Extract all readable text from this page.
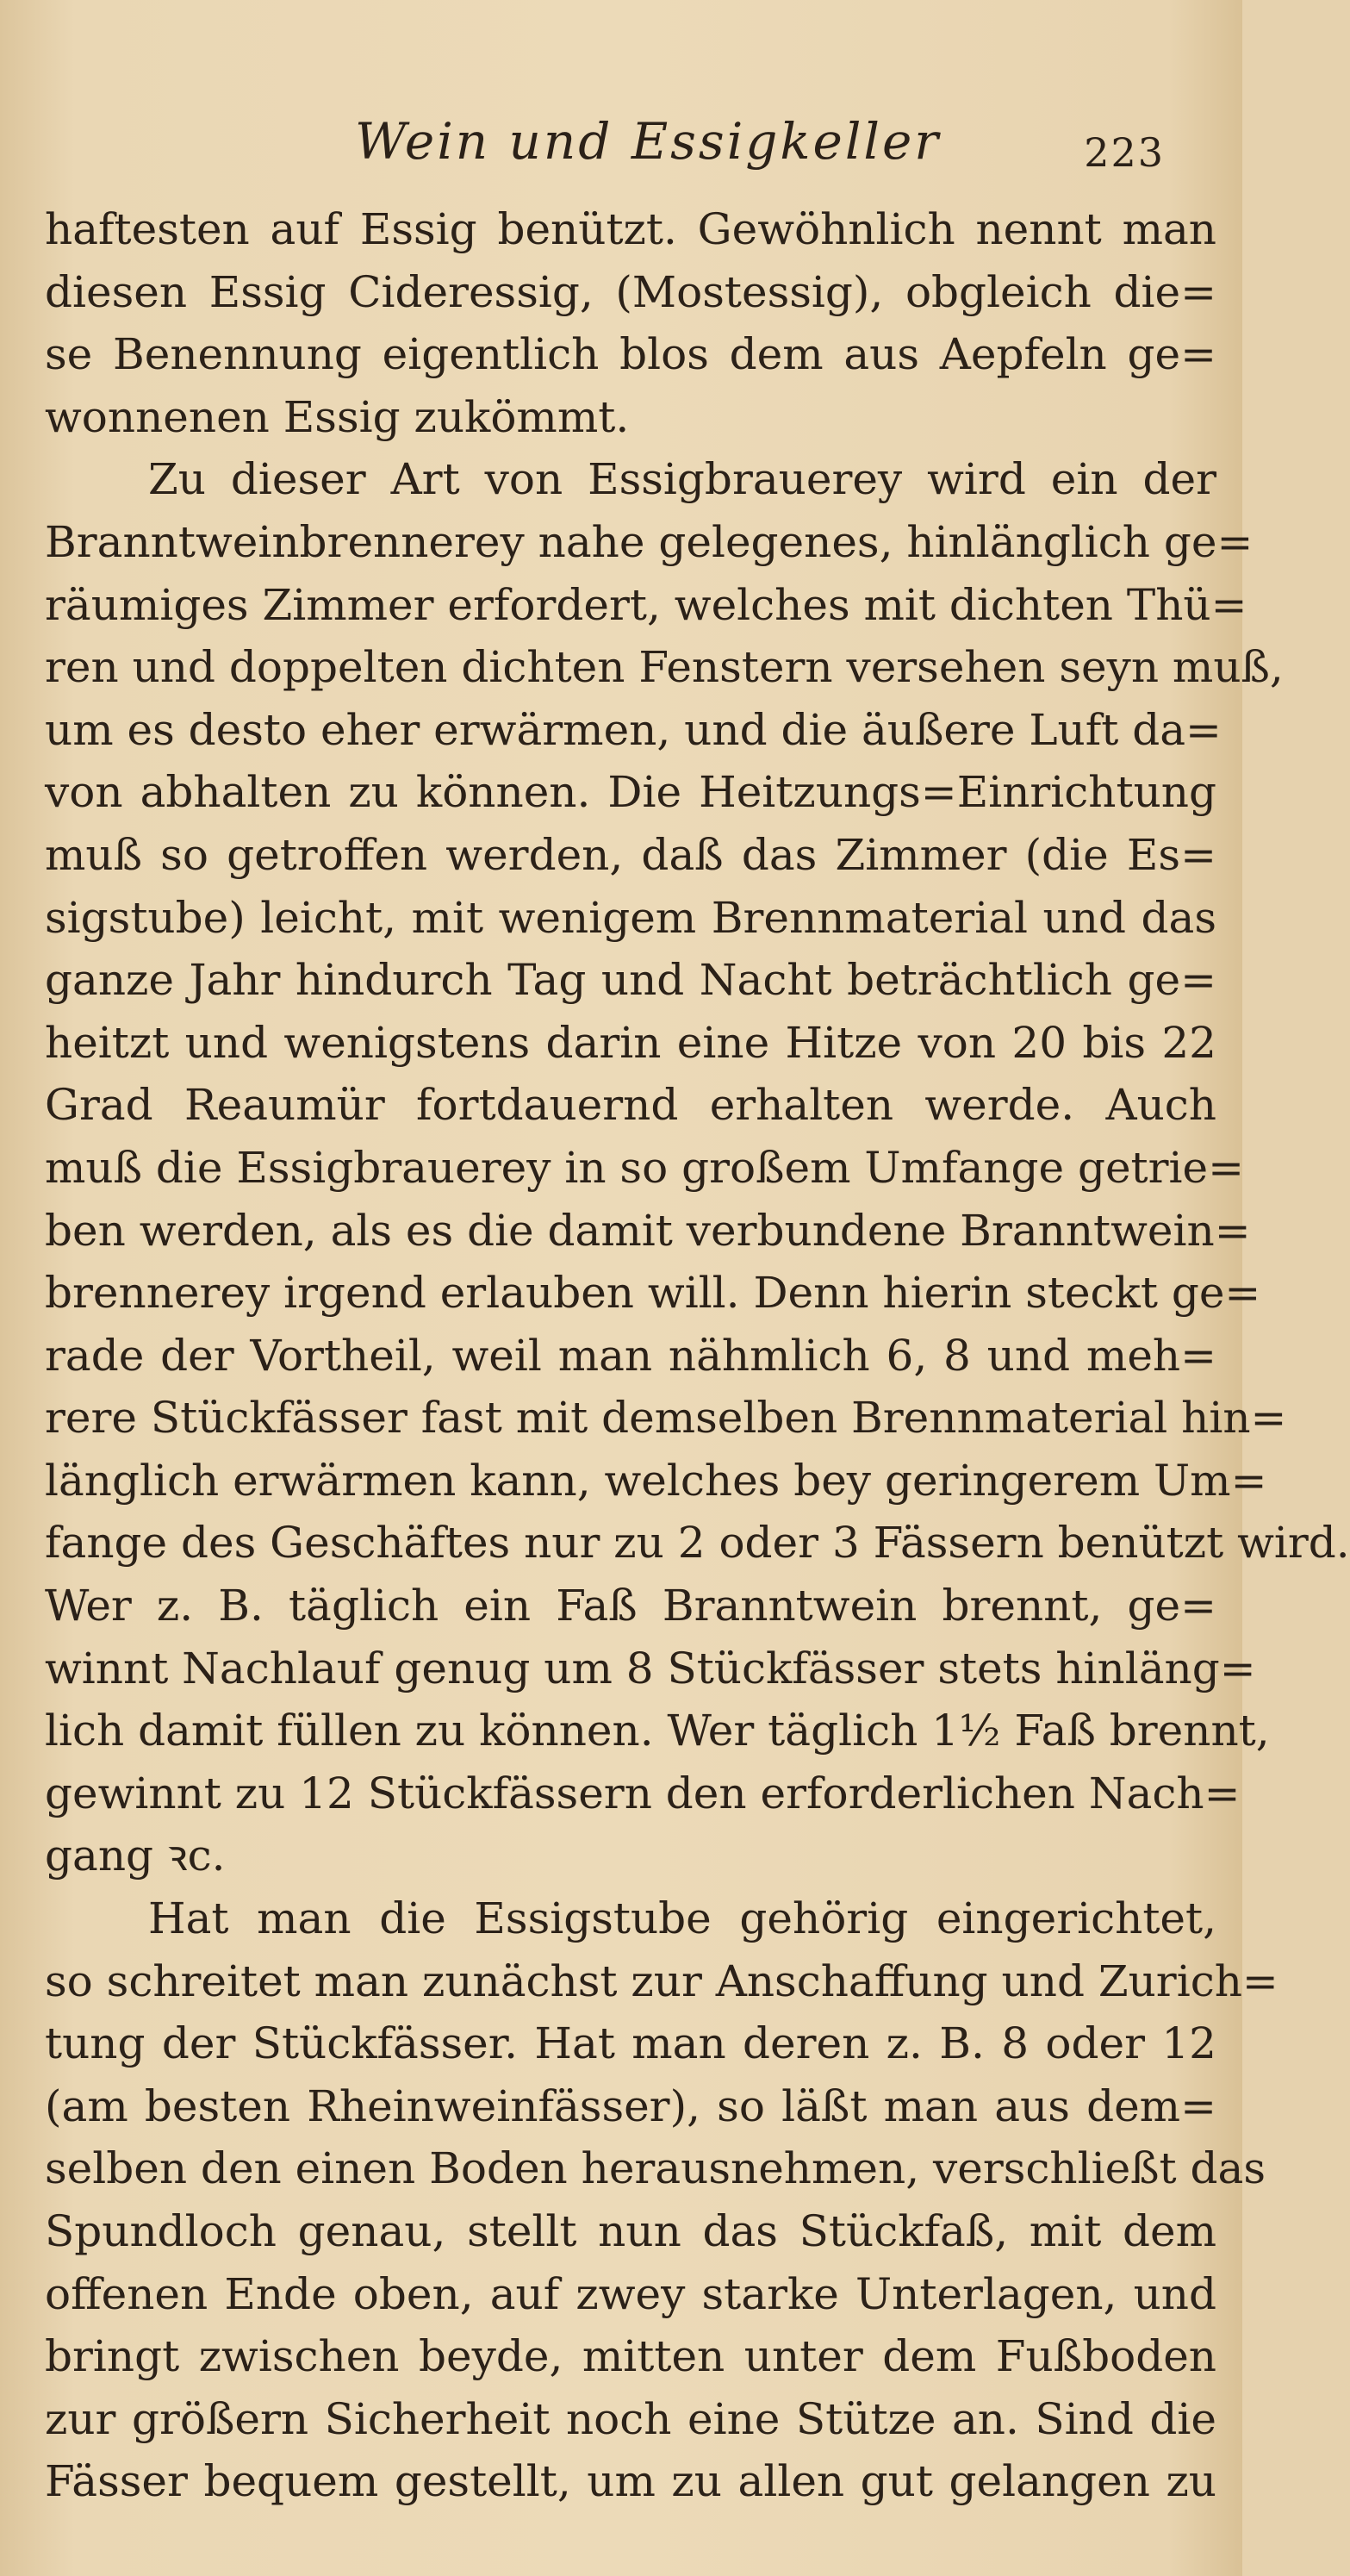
Wein und Essigkeller	223
haftesten auf Essig benützt. Gewöhnlich nennt man
diesen Essig Cideressig, (Mostessig), obgleich die=
se Benennung eigentlich blos dem aus Aepfeln ge=
wonnenen Essig zukömmt.
Zu dieser Art von Essigbrauerey wird ein der
Branntweinbrennerey nahe gelegenes, hinlänglich ge=
räumiges Zimmer erfordert, welches mit dichten Thü=
ren und doppelten dichten Fenstern versehen seyn muß,
um es desto eher erwärmen, und die äußere Luft da=
von abhalten zu können. Die Heitzungs=Einrichtung
muß so getroffen werden, daß das Zimmer (die Es=
sigstube) leicht, mit wenigem Brennmaterial und das
ganze Jahr hindurch Tag und Nacht beträchtlich ge=
heitzt und wenigstens darin eine Hitze von 20 bis 22
Grad Reaumür fortdauernd erhalten werde. Auch
muß die Essigbrauerey in so großem Umfange getrie=
ben werden, als es die damit verbundene Branntwein=
brennerey irgend erlauben will. Denn hierin steckt ge=
rade der Vortheil, weil man nähmlich 6, 8 und meh=
rere Stückfässer fast mit demselben Brennmaterial hin=
länglich erwärmen kann, welches bey geringerem Um=
fange des Geschäftes nur zu 2 oder 3 Fässern benützt wird.
Wer z. B. täglich ein Faß Branntwein brennt, ge=
winnt Nachlauf genug um 8 Stückfässer stets hinläng=
lich damit füllen zu können. Wer täglich 1½ Faß brennt,
gewinnt zu 12 Stückfässern den erforderlichen Nach=
gang ꝛc.
Hat man die Essigstube gehörig eingerichtet,
so schreitet man zunächst zur Anschaffung und Zurich=
tung der Stückfässer. Hat man deren z. B. 8 oder 12
(am besten Rheinweinfässer), so läßt man aus dem=
selben den einen Boden herausnehmen, verschließt das
Spundloch genau, stellt nun das Stückfaß, mit dem
offenen Ende oben, auf zwey starke Unterlagen, und
bringt zwischen beyde, mitten unter dem Fußboden
zur größern Sicherheit noch eine Stütze an. Sind die
Fässer bequem gestellt, um zu allen gut gelangen zu
